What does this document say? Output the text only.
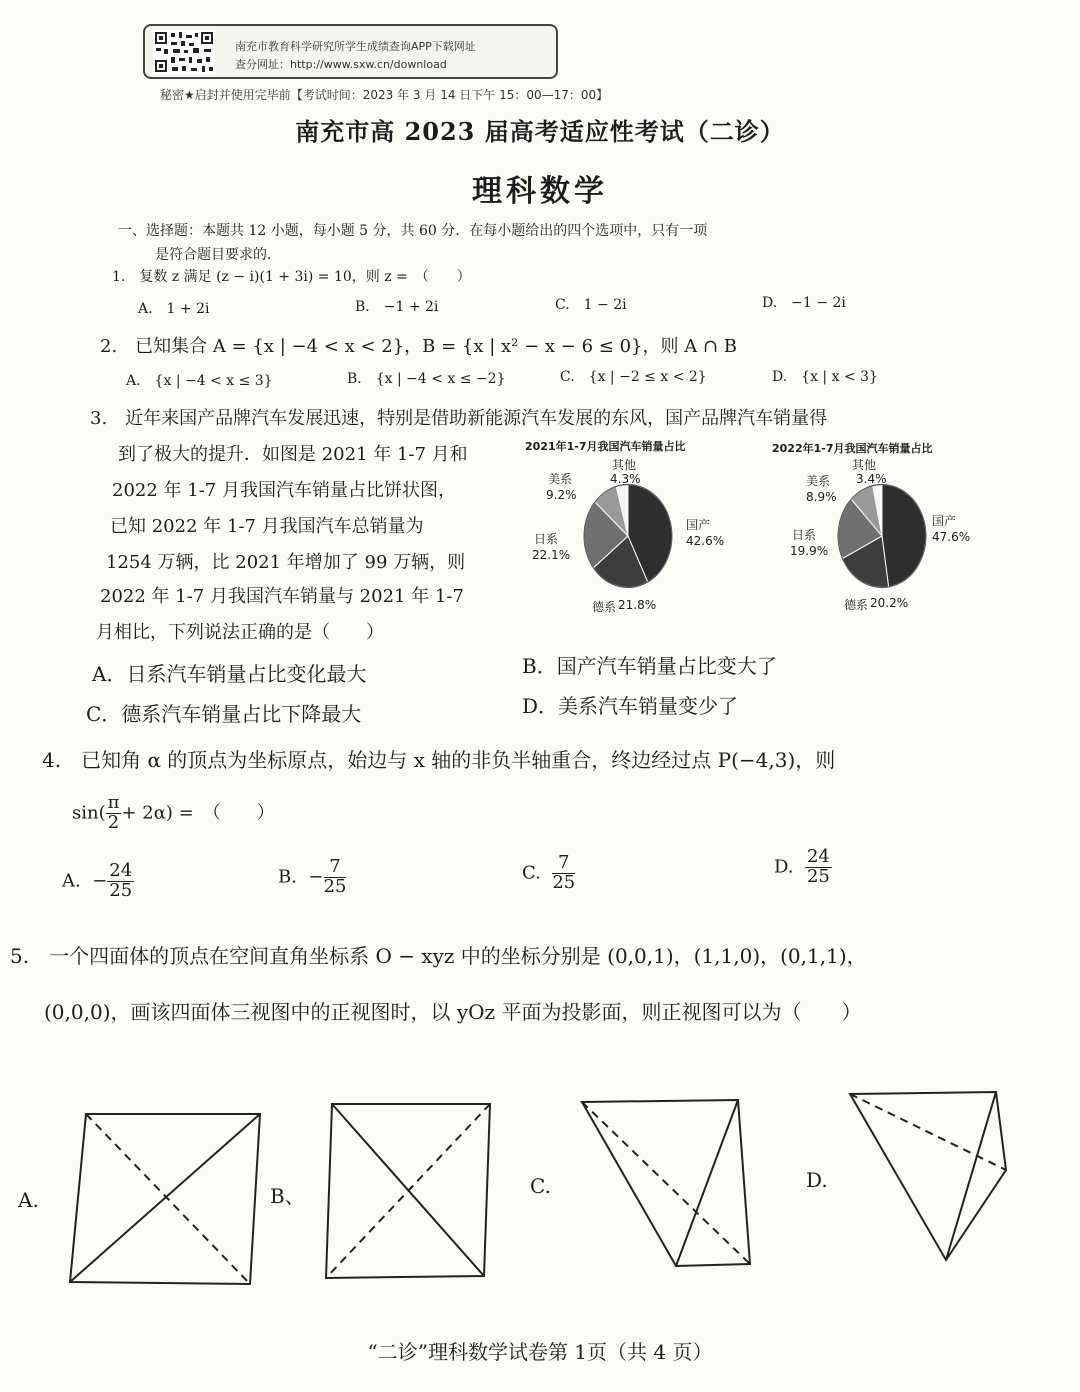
南充市教育科学研究所学生成绩查询APP下载网址
查分网址：http://www.sxw.cn/download
秘密★启封并使用完毕前【考试时间：2023 年 3 月 14 日下午 15：00—17：00】
南充市高 2023 届高考适应性考试（二诊）
理科数学
一、选择题：本题共 12 小题，每小题 5 分，共 60 分．在每小题给出的四个选项中，只有一项
是符合题目要求的．
1.　复数 z 满足 (z − i)(1 + 3i) = 10，则 z =　（　　）
A.　1 + 2i	B.　−1 + 2i	C.　1 − 2i	D.　−1 − 2i
2.　已知集合 A = {x | −4 < x < 2}，B = {x | x² − x − 6 ≤ 0}，则 A ∩ B
A.　{x | −4 < x ≤ 3}	B.　{x | −4 < x ≤ −2}	C.　{x | −2 ≤ x < 2}	D.　{x | x < 3}
3.　近年来国产品牌汽车发展迅速，特别是借助新能源汽车发展的东风，国产品牌汽车销量得
到了极大的提升．如图是 2021 年 1-7 月和
2022 年 1-7 月我国汽车销量占比饼状图，
已知 2022 年 1-7 月我国汽车总销量为
1254 万辆，比 2021 年增加了 99 万辆，则
2022 年 1-7 月我国汽车销量与 2021 年 1-7
月相比，下列说法正确的是（　　）
2021年1-7月我国汽车销量占比
美系
9.2%
其他
4.3%
国产
42.6%
日系
22.1%
德系 21.8%
2022年1-7月我国汽车销量占比
美系
8.9%
其他
3.4%
国产
47.6%
日系
19.9%
德系 20.2%
A．日系汽车销量占比变化最大	B．国产汽车销量占比变大了
C．德系汽车销量占比下降最大	D．美系汽车销量变少了
4.　已知角 α 的顶点为坐标原点，始边与 x 轴的非负半轴重合，终边经过点 P(−4,3)，则
$\sin( \frac{\pi}{2} + 2\alpha)$ =　（　　）
A. − $\frac{24}{25}$	B. − $\frac{7}{25}$	C. $\frac{7}{25}$	D. $\frac{24}{25}$
5.　一个四面体的顶点在空间直角坐标系 O − xyz 中的坐标分别是 (0,0,1)，(1,1,0)，(0,1,1)，
(0,0,0)，画该四面体三视图中的正视图时，以 yOz 平面为投影面，则正视图可以为（　　）
A.	B、	C.	D.
“二诊”理科数学试卷第 1页（共 4 页）
